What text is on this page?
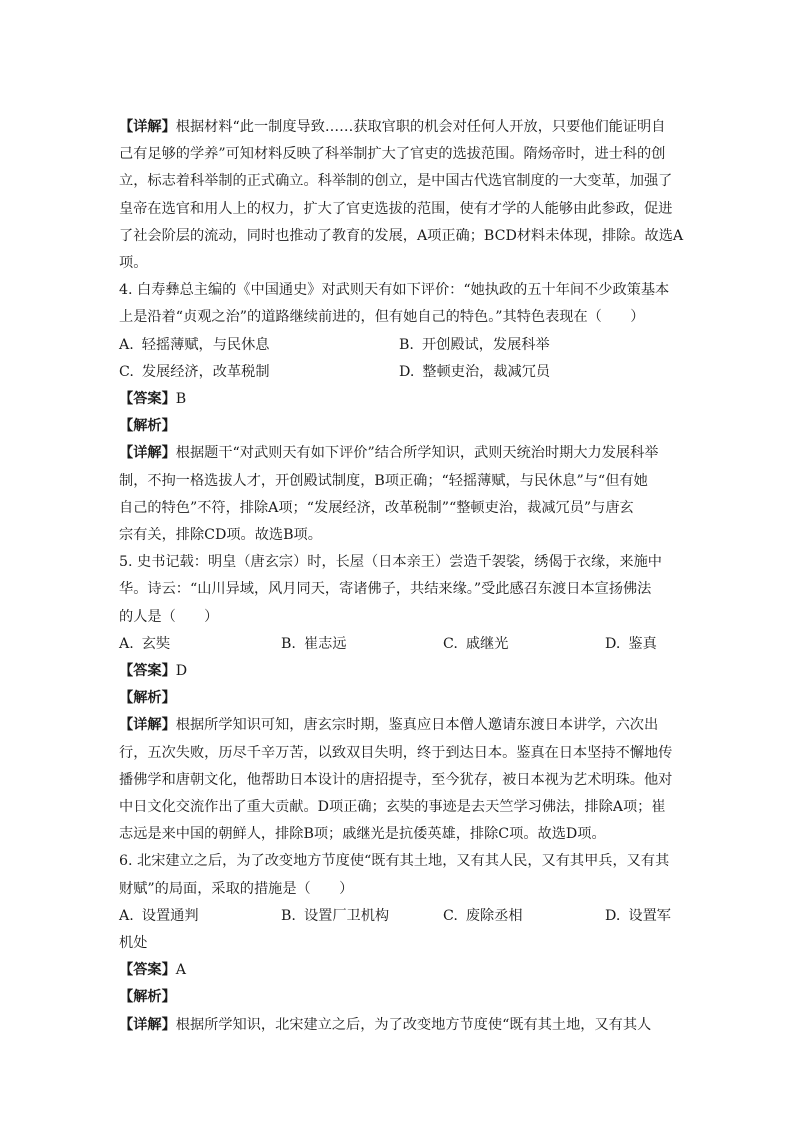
【详解】根据材料“此一制度导致……获取官职的机会对任何人开放，只要他们能证明自
己有足够的学养”可知材料反映了科举制扩大了官吏的选拔范围。隋炀帝时，进士科的创
立，标志着科举制的正式确立。科举制的创立，是中国古代选官制度的一大变革，加强了
皇帝在选官和用人上的权力，扩大了官吏选拔的范围，使有才学的人能够由此参政，促进
了社会阶层的流动，同时也推动了教育的发展，A项正确；BCD材料未体现，排除。故选A
项。
4. 白寿彝总主编的《中国通史》对武则天有如下评价：“她执政的五十年间不少政策基本
上是沿着“贞观之治”的道路继续前进的，但有她自己的特色。”其特色表现在（　　）
A. 轻摇薄赋，与民休息	B. 开创殿试，发展科举
C. 发展经济，改革税制	D. 整顿吏治，裁减冗员
【答案】B
【解析】
【详解】根据题干“对武则天有如下评价”结合所学知识，武则天统治时期大力发展科举
制，不拘一格选拔人才，开创殿试制度，B项正确；“轻摇薄赋，与民休息”与“但有她
自己的特色”不符，排除A项；“发展经济，改革税制”“整顿吏治，裁减冗员”与唐玄
宗有关，排除CD项。故选B项。
5. 史书记载：明皇（唐玄宗）时，长屋（日本亲王）尝造千袈裟，绣偈于衣缘，来施中
华。诗云：“山川异域，风月同天，寄诸佛子，共结来缘。”受此感召东渡日本宣扬佛法
的人是（　　）
A. 玄奘	B. 崔志远	C. 戚继光	D. 鉴真
【答案】D
【解析】
【详解】根据所学知识可知，唐玄宗时期，鉴真应日本僧人邀请东渡日本讲学，六次出
行，五次失败，历尽千辛万苦，以致双目失明，终于到达日本。鉴真在日本坚持不懈地传
播佛学和唐朝文化，他帮助日本设计的唐招提寺，至今犹存，被日本视为艺术明珠。他对
中日文化交流作出了重大贡献。D项正确；玄奘的事迹是去天竺学习佛法，排除A项；崔
志远是来中国的朝鲜人，排除B项；戚继光是抗倭英雄，排除C项。故选D项。
6. 北宋建立之后，为了改变地方节度使“既有其土地，又有其人民，又有其甲兵，又有其
财赋”的局面，采取的措施是（　　）
A. 设置通判	B. 设置厂卫机构	C. 废除丞相	D. 设置军
机处
【答案】A
【解析】
【详解】根据所学知识，北宋建立之后，为了改变地方节度使“既有其土地，又有其人
